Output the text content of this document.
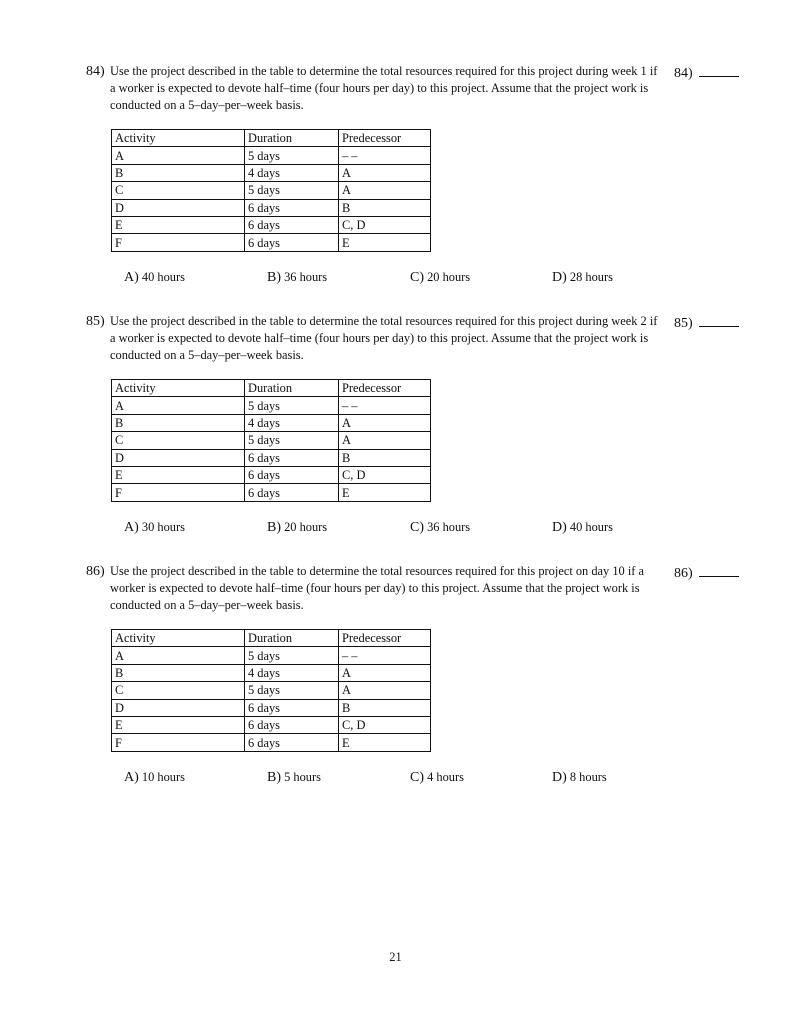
84) Use the project described in the table to determine the total resources required for this project during week 1 if a worker is expected to devote half–time (four hours per day) to this project. Assume that the project work is conducted on a 5–day–per–week basis.
84)
Activity	Duration	Predecessor
A	5 days	– –
B	4 days	A
C	5 days	A
D	6 days	B
E	6 days	C, D
F	6 days	E
A) 40 hours	B) 36 hours	C) 20 hours	D) 28 hours
85) Use the project described in the table to determine the total resources required for this project during week 2 if a worker is expected to devote half–time (four hours per day) to this project. Assume that the project work is conducted on a 5–day–per–week basis.
85)
Activity	Duration	Predecessor
A	5 days	– –
B	4 days	A
C	5 days	A
D	6 days	B
E	6 days	C, D
F	6 days	E
A) 30 hours	B) 20 hours	C) 36 hours	D) 40 hours
86) Use the project described in the table to determine the total resources required for this project on day 10 if a worker is expected to devote half–time (four hours per day) to this project. Assume that the project work is conducted on a 5–day–per–week basis.
86)
Activity	Duration	Predecessor
A	5 days	– –
B	4 days	A
C	5 days	A
D	6 days	B
E	6 days	C, D
F	6 days	E
A) 10 hours	B) 5 hours	C) 4 hours	D) 8 hours
21
